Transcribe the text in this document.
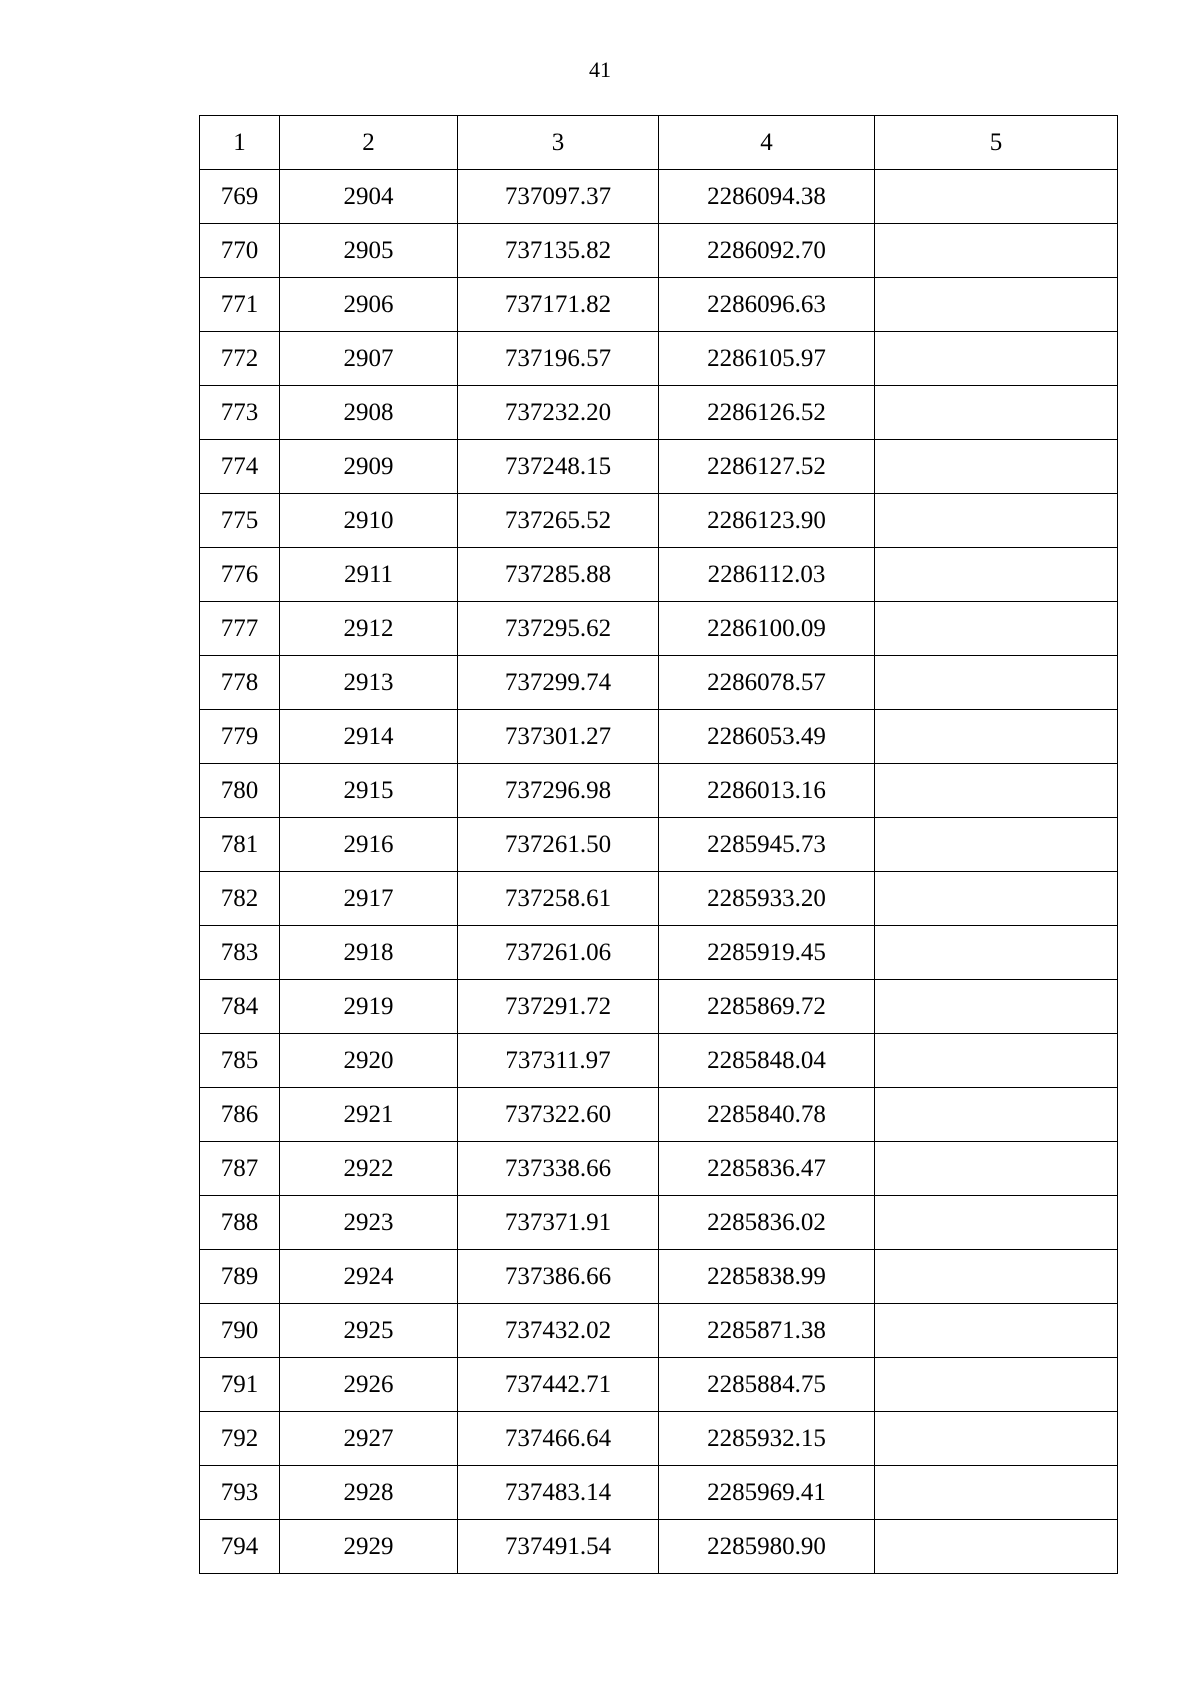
41
1	2	3	4	5
769	2904	737097.37	2286094.38	
770	2905	737135.82	2286092.70	
771	2906	737171.82	2286096.63	
772	2907	737196.57	2286105.97	
773	2908	737232.20	2286126.52	
774	2909	737248.15	2286127.52	
775	2910	737265.52	2286123.90	
776	2911	737285.88	2286112.03	
777	2912	737295.62	2286100.09	
778	2913	737299.74	2286078.57	
779	2914	737301.27	2286053.49	
780	2915	737296.98	2286013.16	
781	2916	737261.50	2285945.73	
782	2917	737258.61	2285933.20	
783	2918	737261.06	2285919.45	
784	2919	737291.72	2285869.72	
785	2920	737311.97	2285848.04	
786	2921	737322.60	2285840.78	
787	2922	737338.66	2285836.47	
788	2923	737371.91	2285836.02	
789	2924	737386.66	2285838.99	
790	2925	737432.02	2285871.38	
791	2926	737442.71	2285884.75	
792	2927	737466.64	2285932.15	
793	2928	737483.14	2285969.41	
794	2929	737491.54	2285980.90	
